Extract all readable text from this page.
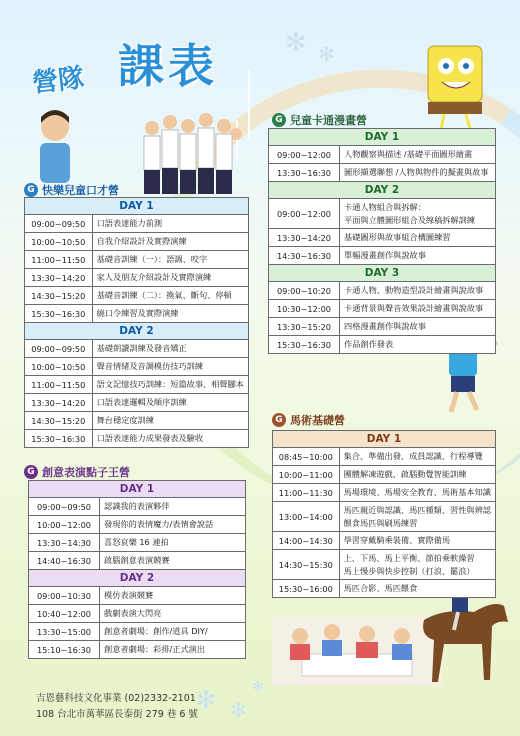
✻ ✻
✻ ✻
✻
營隊 課表
G 快樂兒童口才營
DAY 1	
09:00~09:50	口語表達能力前測
10:00~10:50	自我介紹設計及實際演練
11:00~11:50	基礎音訓練（一）：語調、咬字
13:30~14:20	家人及朋友介紹設計及實際演練
14:30~15:20	基礎音訓練（二）：換氣、斷句、停頓
15:30~16:30	繞口令練習及實際演練
DAY 2	
09:00~09:50	基礎朗讀訓練及發音矯正
10:00~10:50	聲音情緒及音調模仿技巧訓練
11:00~11:50	語文記憶技巧訓練：短篇故事、相聲腳本
13:30~14:20	口語表達邏輯及順序訓練
14:30~15:20	舞台穩定度訓練
15:30~16:30	口語表達能力成果發表及驗收
G 創意表演點子王營
DAY 1	
09:00~09:50	認識我的表演夥伴
10:00~12:00	發現你的表情魔力/表情會說話
13:30~14:30	喜怒哀樂 16 連拍
14:40~16:30	啟腦創意表演競賽
DAY 2	
09:00~10:30	模仿表演競賽
10:40~12:00	戲劇表演大閃亮
13:30~15:00	創意者劇場：創作/道具 DIY/
15:10~16:30	創意者劇場：彩排/正式演出
G 兒童卡通漫畫營
DAY 1	
09:00~12:00	人物觀察與描述 /基礎平面圖形繪畫
13:30~16:30	圖形擷選聯想 /人物與物件的擬畫與故事
DAY 2	
09:00~12:00	卡通人物組合與拆解：
平面與立體圖形組合及線稿拆解訓練
13:30~14:20	基礎圖形與故事組合構圖練習
14:30~16:30	單幅漫畫創作與說故事
DAY 3	
09:00~10:20	卡通人物、動物造型設計繪畫與說故事
10:30~12:00	卡通背景與聲音效果設計繪畫與說故事
13:30~15:20	四格漫畫創作與說故事
15:30~16:30	作品創作發表
G 馬術基礎營
DAY 1	
08:45~10:00	集合、準備出發、成員認識、行程導覽
10:00~11:00	團體解凍遊戲、啟腦動覺智能訓練
11:00~11:30	馬場環境、馬場安全教育、馬術基本知識
13:00~14:00	馬匹親近與認識、馬匹種類、習性與辨認
餵食馬匹與刷馬練習
14:00~14:30	學習穿戴騎乘裝備、實際備馬
14:30~15:30	上、下馬、馬上平衡、節拍乘軟操習
馬上慢步與快步控制（打浪、罷浪）
15:30~16:00	馬匹合影、馬匹餵食
吉恩藝科技文化事業 (02)2332-2101
108 台北市萬華區長泰街 279 巷 6 號
